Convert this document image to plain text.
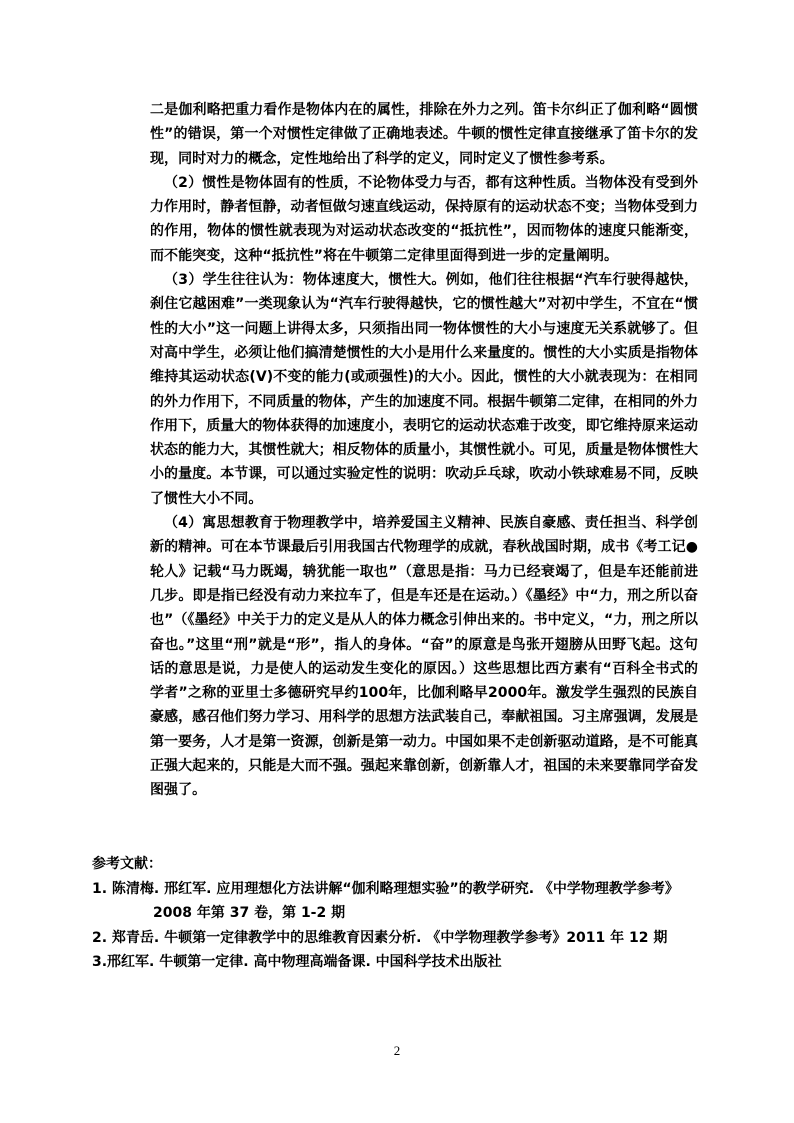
二是伽利略把重力看作是物体内在的属性，排除在外力之列。笛卡尔纠正了伽利略“圆惯性”的错误，第一个对惯性定律做了正确地表述。牛顿的惯性定律直接继承了笛卡尔的发现，同时对力的概念，定性地给出了科学的定义，同时定义了惯性参考系。

（2）惯性是物体固有的性质，不论物体受力与否，都有这种性质。当物体没有受到外力作用时，静者恒静，动者恒做匀速直线运动，保持原有的运动状态不变；当物体受到力的作用，物体的惯性就表现为对运动状态改变的“抵抗性”，因而物体的速度只能渐变，而不能突变，这种“抵抗性”将在牛顿第二定律里面得到进一步的定量阐明。

（3）学生往往认为：物体速度大，惯性大。例如，他们往往根据“汽车行驶得越快，刹住它越困难”一类现象认为“汽车行驶得越快，它的惯性越大”对初中学生，不宜在“惯性的大小”这一问题上讲得太多，只须指出同一物体惯性的大小与速度无关系就够了。但对高中学生，必须让他们搞清楚惯性的大小是用什么来量度的。惯性的大小实质是指物体维持其运动状态(V)不变的能力(或顽强性)的大小。因此，惯性的大小就表现为：在相同的外力作用下，不同质量的物体，产生的加速度不同。根据牛顿第二定律，在相同的外力作用下，质量大的物体获得的加速度小，表明它的运动状态难于改变，即它维持原来运动状态的能力大，其惯性就大；相反物体的质量小，其惯性就小。可见，质量是物体惯性大小的量度。本节课，可以通过实验定性的说明：吹动乒乓球，吹动小铁球难易不同，反映了惯性大小不同。

（4）寓思想教育于物理教学中，培养爱国主义精神、民族自豪感、责任担当、科学创新的精神。可在本节课最后引用我国古代物理学的成就，春秋战国时期，成书《考工记●轮人》记载“马力既竭，辀犹能一取也”（意思是指：马力已经衰竭了，但是车还能前进几步。即是指已经没有动力来拉车了，但是车还是在运动。）《墨经》中“力，刑之所以奋也”（《墨经》中关于力的定义是从人的体力概念引伸出来的。书中定义，“力，刑之所以奋也。”这里“刑”就是“形”，指人的身体。“奋”的原意是鸟张开翅膀从田野飞起。这句话的意思是说，力是使人的运动发生变化的原因。）这些思想比西方素有“百科全书式的学者”之称的亚里士多德研究早约100年，比伽利略早2000年。激发学生强烈的民族自豪感，感召他们努力学习、用科学的思想方法武装自己，奉献祖国。习主席强调，发展是第一要务，人才是第一资源，创新是第一动力。中国如果不走创新驱动道路，是不可能真正强大起来的，只能是大而不强。强起来靠创新，创新靠人才，祖国的未来要靠同学奋发图强了。

参考文献：
1. 陈清梅. 邢红军. 应用理想化方法讲解“伽利略理想实验”的教学研究. 《中学物理教学参考》
2008 年第 37 卷，第 1-2 期
2. 郑青岳. 牛顿第一定律教学中的思维教育因素分析. 《中学物理教学参考》2011 年 12 期
3.邢红军. 牛顿第一定律. 高中物理高端备课. 中国科学技术出版社
2
